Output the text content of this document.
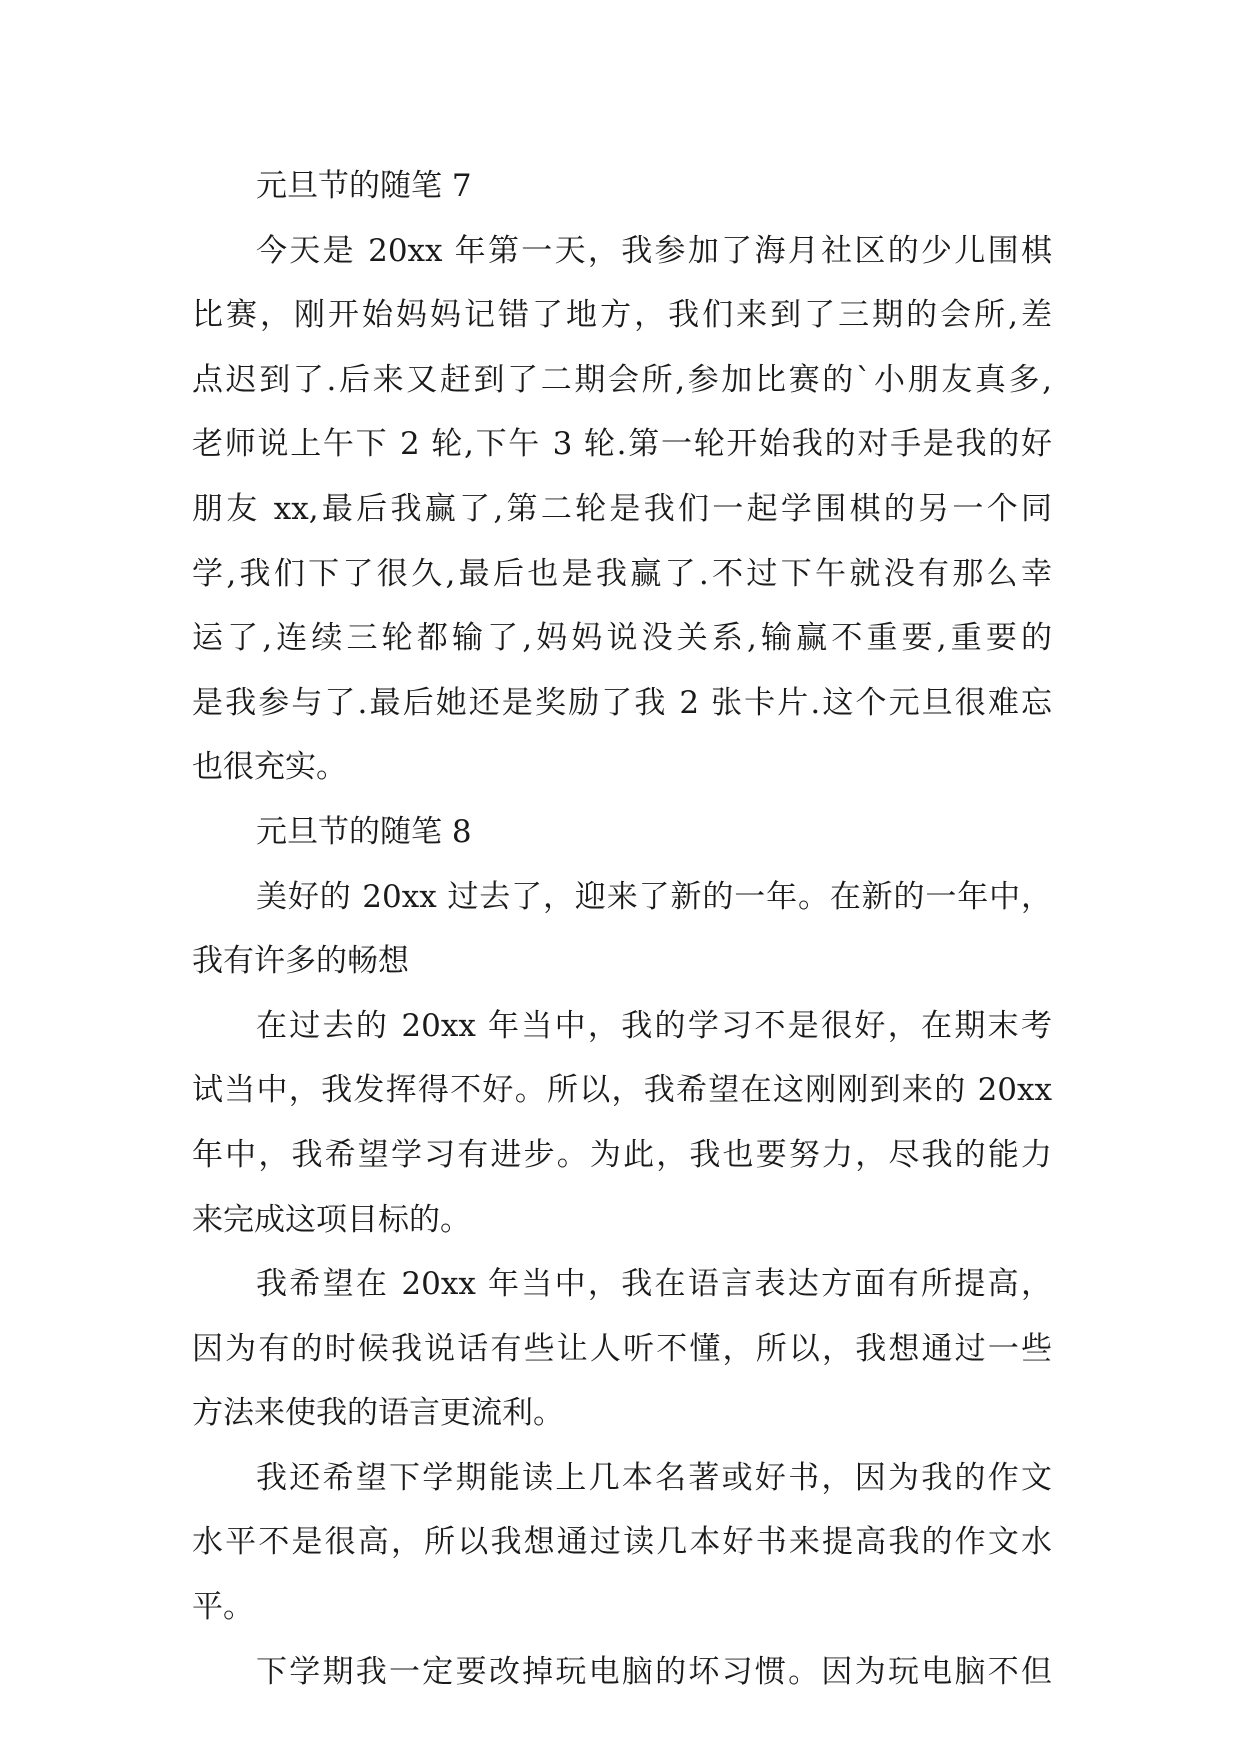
元旦节的随笔 7
今天是 20xx 年第一天，我参加了海月社区的少儿围棋
比赛，刚开始妈妈记错了地方，我们来到了三期的会所,差
点迟到了.后来又赶到了二期会所,参加比赛的`小朋友真多,
老师说上午下 2 轮,下午 3 轮.第一轮开始我的对手是我的好
朋友 xx,最后我赢了,第二轮是我们一起学围棋的另一个同
学,我们下了很久,最后也是我赢了.不过下午就没有那么幸
运了,连续三轮都输了,妈妈说没关系,输赢不重要,重要的
是我参与了.最后她还是奖励了我 2 张卡片.这个元旦很难忘
也很充实。
元旦节的随笔 8
美好的 20xx 过去了，迎来了新的一年。在新的一年中，
我有许多的畅想
在过去的 20xx 年当中，我的学习不是很好，在期末考
试当中，我发挥得不好。所以，我希望在这刚刚到来的 20xx
年中，我希望学习有进步。为此，我也要努力，尽我的能力
来完成这项目标的。
我希望在 20xx 年当中，我在语言表达方面有所提高，
因为有的时候我说话有些让人听不懂，所以，我想通过一些
方法来使我的语言更流利。
我还希望下学期能读上几本名著或好书，因为我的作文
水平不是很高，所以我想通过读几本好书来提高我的作文水
平。
下学期我一定要改掉玩电脑的坏习惯。因为玩电脑不但
